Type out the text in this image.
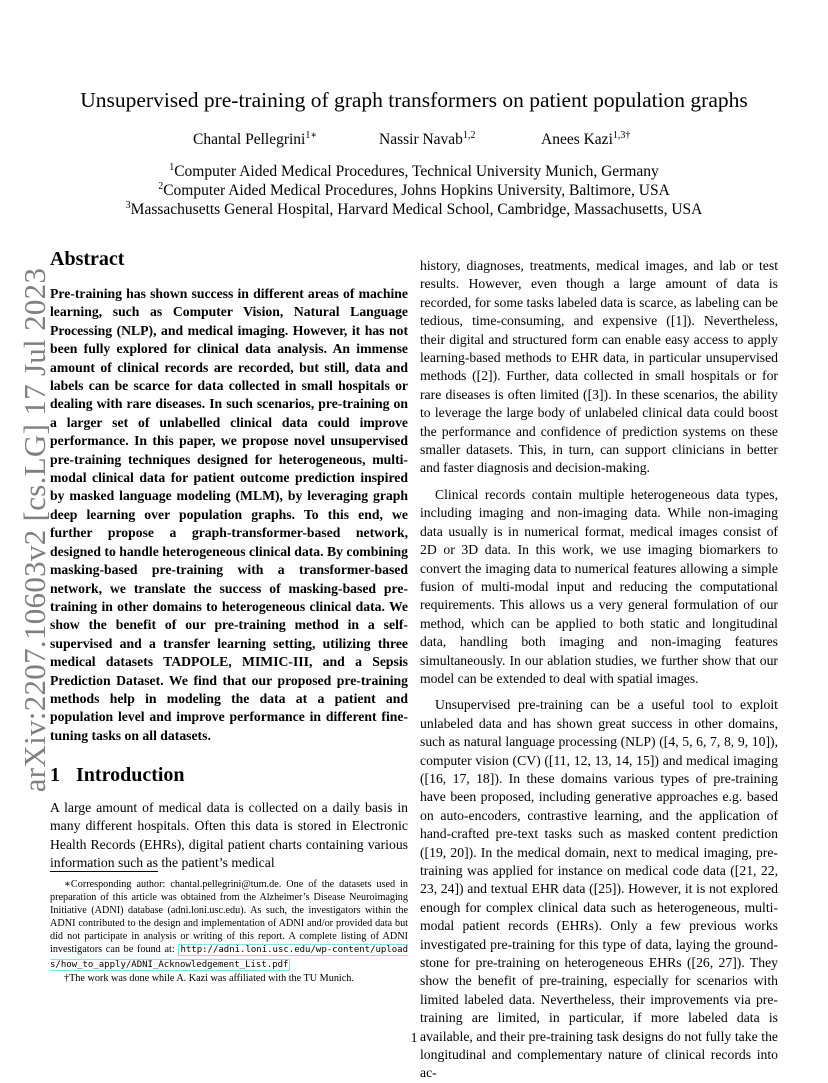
arXiv:2207.10603v2 [cs.LG] 17 Jul 2023
Unsupervised pre-training of graph transformers on patient population graphs
Chantal Pellegrini$^{1∗}$	Nassir Navab$^{1,2}$	Anees Kazi$^{1,3\dagger}$
$^1$Computer Aided Medical Procedures, Technical University Munich, Germany
$^2$Computer Aided Medical Procedures, Johns Hopkins University, Baltimore, USA
$^3$Massachusetts General Hospital, Harvard Medical School, Cambridge, Massachusetts, USA
Abstract
Pre-training has shown success in different areas of machine learning, such as Computer Vision, Natural Language Processing (NLP), and medical imaging. However, it has not been fully explored for clinical data analysis. An immense amount of clinical records are recorded, but still, data and labels can be scarce for data collected in small hospitals or dealing with rare diseases. In such scenarios, pre-training on a larger set of unlabelled clinical data could improve performance. In this paper, we propose novel unsupervised pre-training techniques designed for heterogeneous, multi-modal clinical data for patient outcome prediction inspired by masked language modeling (MLM), by leveraging graph deep learning over population graphs. To this end, we further propose a graph-transformer-based network, designed to handle heterogeneous clinical data. By combining masking-based pre-training with a transformer-based network, we translate the success of masking-based pre-training in other domains to heterogeneous clinical data. We show the benefit of our pre-training method in a self-supervised and a transfer learning setting, utilizing three medical datasets TADPOLE, MIMIC-III, and a Sepsis Prediction Dataset. We find that our proposed pre-training methods help in modeling the data at a patient and population level and improve performance in different fine-tuning tasks on all datasets.
1 Introduction
A large amount of medical data is collected on a daily basis in many different hospitals. Often this data is stored in Electronic Health Records (EHRs), digital patient charts containing various information such as the patient’s medical

∗Corresponding author: chantal.pellegrini@tum.de. One of the datasets used in preparation of this article was obtained from the Alzheimer’s Disease Neuroimaging Initiative (ADNI) database (adni.loni.usc.edu). As such, the investigators within the ADNI contributed to the design and implementation of ADNI and/or provided data but did not participate in analysis or writing of this report. A complete listing of ADNI investigators can be found at: http://adni.loni.usc.edu/wp-content/uploads/how_to_apply/ADNI_Acknowledgement_List.pdf

†The work was done while A. Kazi was affiliated with the TU Munich.

history, diagnoses, treatments, medical images, and lab or test results. However, even though a large amount of data is recorded, for some tasks labeled data is scarce, as labeling can be tedious, time-consuming, and expensive ([1]). Nevertheless, their digital and structured form can enable easy access to apply learning-based methods to EHR data, in particular unsupervised methods ([2]). Further, data collected in small hospitals or for rare diseases is often limited ([3]). In these scenarios, the ability to leverage the large body of unlabeled clinical data could boost the performance and confidence of prediction systems on these smaller datasets. This, in turn, can support clinicians in better and faster diagnosis and decision-making.

Clinical records contain multiple heterogeneous data types, including imaging and non-imaging data. While non-imaging data usually is in numerical format, medical images consist of 2D or 3D data. In this work, we use imaging biomarkers to convert the imaging data to numerical features allowing a simple fusion of multi-modal input and reducing the computational requirements. This allows us a very general formulation of our method, which can be applied to both static and longitudinal data, handling both imaging and non-imaging features simultaneously. In our ablation studies, we further show that our model can be extended to deal with spatial images.

Unsupervised pre-training can be a useful tool to exploit unlabeled data and has shown great success in other domains, such as natural language processing (NLP) ([4, 5, 6, 7, 8, 9, 10]), computer vision (CV) ([11, 12, 13, 14, 15]) and medical imaging ([16, 17, 18]). In these domains various types of pre-training have been proposed, including generative approaches e.g. based on auto-encoders, contrastive learning, and the application of hand-crafted pre-text tasks such as masked content prediction ([19, 20]). In the medical domain, next to medical imaging, pre-training was applied for instance on medical code data ([21, 22, 23, 24]) and textual EHR data ([25]). However, it is not explored enough for complex clinical data such as heterogeneous, multi-modal patient records (EHRs). Only a few previous works investigated pre-training for this type of data, laying the ground-stone for pre-training on heterogeneous EHRs ([26, 27]). They show the benefit of pre-training, especially for scenarios with limited labeled data. Nevertheless, their improvements via pre-training are limited, in particular, if more labeled data is available, and their pre-training task designs do not fully take the longitudinal and complementary nature of clinical records into ac-

1
